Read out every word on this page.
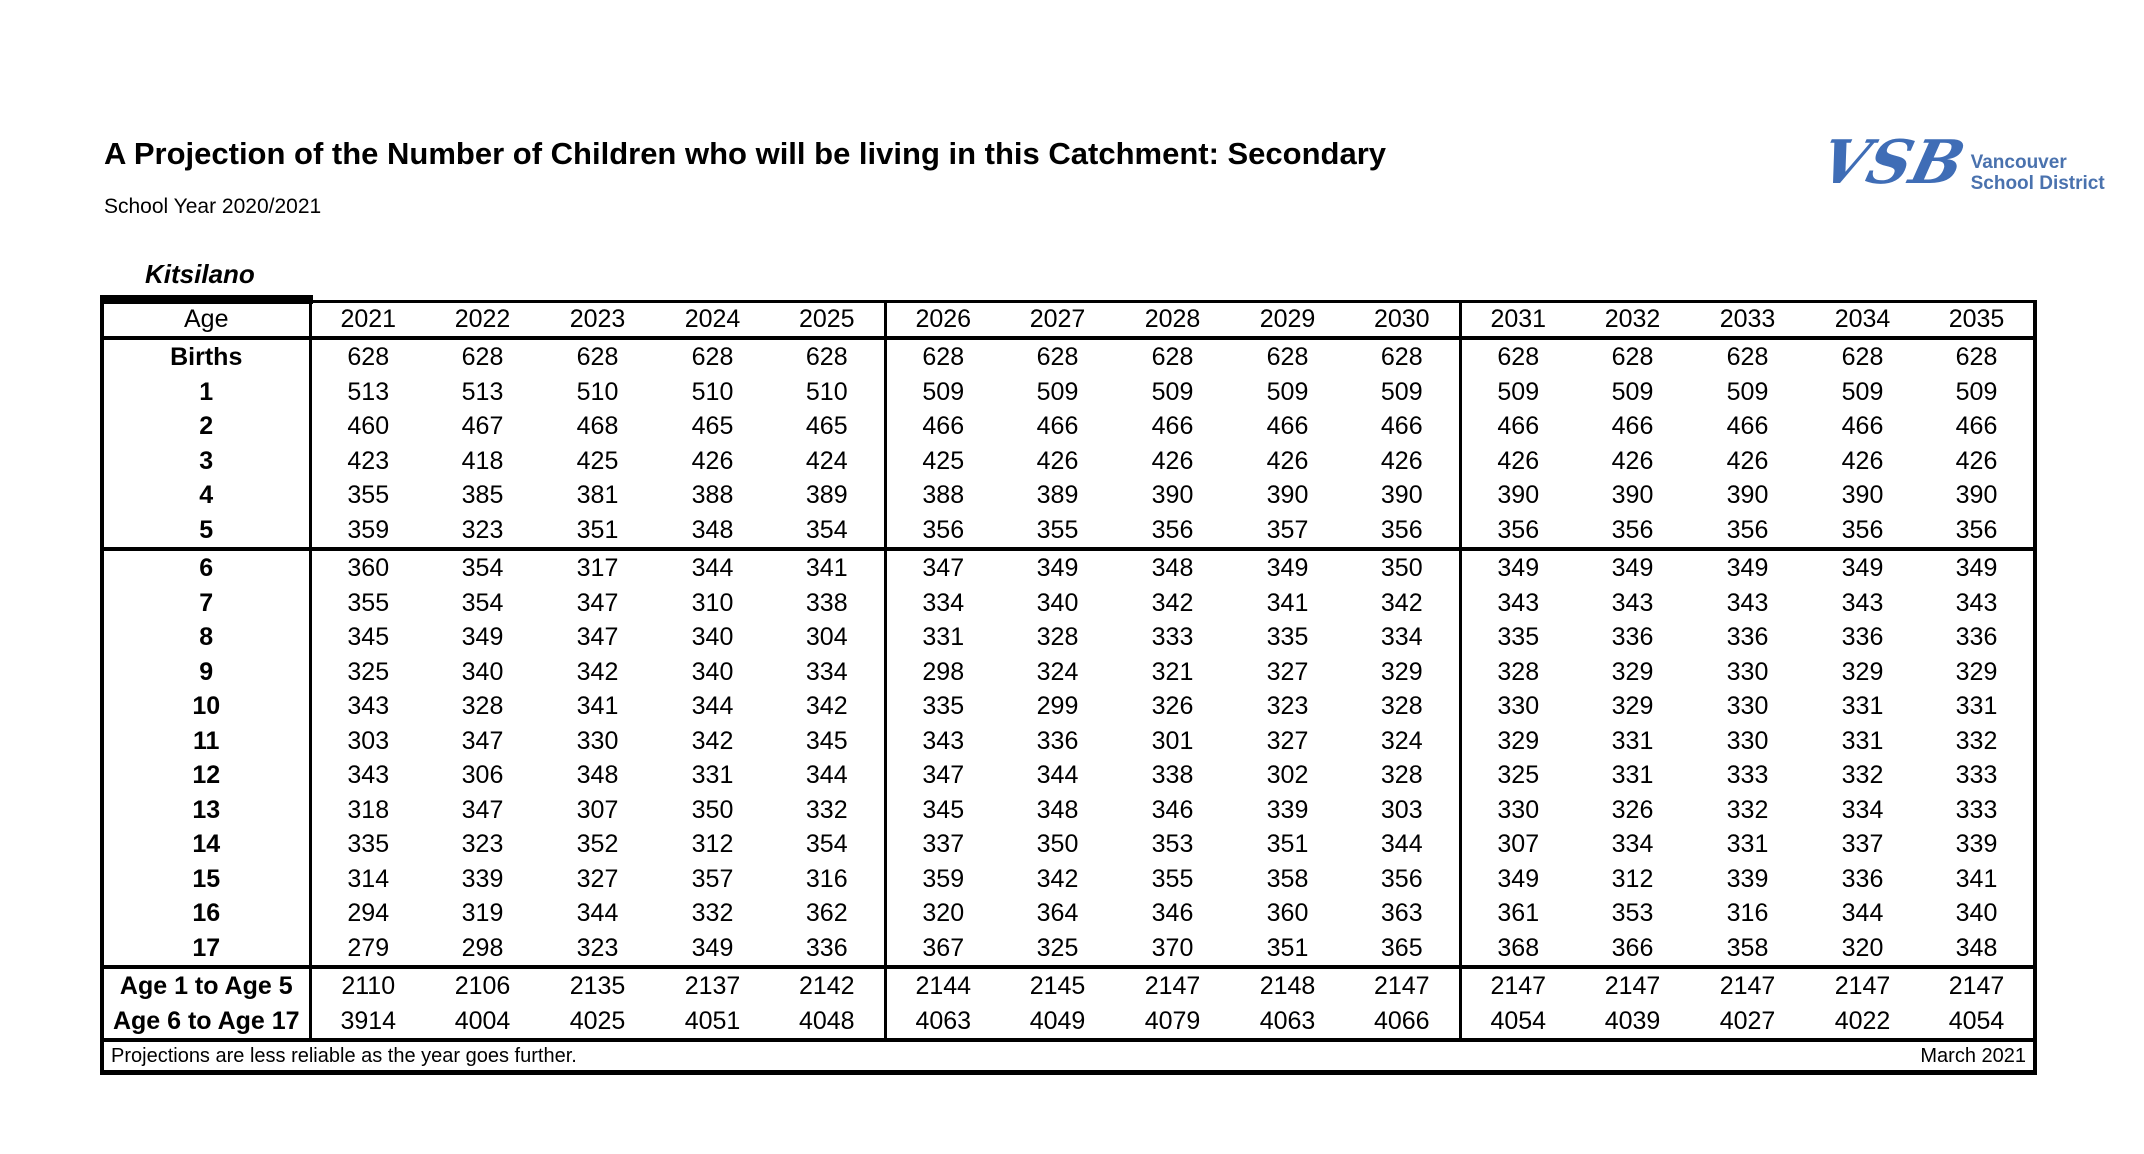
A Projection of the Number of Children who will be living in this Catchment: Secondary
School Year 2020/2021
VSB Vancouver
School District
Kitsilano
Age	2021	2022	2023	2024	2025	2026	2027	2028	2029	2030	2031	2032	2033	2034	2035
Births	628	628	628	628	628	628	628	628	628	628	628	628	628	628	628
1	513	513	510	510	510	509	509	509	509	509	509	509	509	509	509
2	460	467	468	465	465	466	466	466	466	466	466	466	466	466	466
3	423	418	425	426	424	425	426	426	426	426	426	426	426	426	426
4	355	385	381	388	389	388	389	390	390	390	390	390	390	390	390
5	359	323	351	348	354	356	355	356	357	356	356	356	356	356	356
6	360	354	317	344	341	347	349	348	349	350	349	349	349	349	349
7	355	354	347	310	338	334	340	342	341	342	343	343	343	343	343
8	345	349	347	340	304	331	328	333	335	334	335	336	336	336	336
9	325	340	342	340	334	298	324	321	327	329	328	329	330	329	329
10	343	328	341	344	342	335	299	326	323	328	330	329	330	331	331
11	303	347	330	342	345	343	336	301	327	324	329	331	330	331	332
12	343	306	348	331	344	347	344	338	302	328	325	331	333	332	333
13	318	347	307	350	332	345	348	346	339	303	330	326	332	334	333
14	335	323	352	312	354	337	350	353	351	344	307	334	331	337	339
15	314	339	327	357	316	359	342	355	358	356	349	312	339	336	341
16	294	319	344	332	362	320	364	346	360	363	361	353	316	344	340
17	279	298	323	349	336	367	325	370	351	365	368	366	358	320	348
Age 1 to Age 5	2110	2106	2135	2137	2142	2144	2145	2147	2148	2147	2147	2147	2147	2147	2147
Age 6 to Age 17	3914	4004	4025	4051	4048	4063	4049	4079	4063	4066	4054	4039	4027	4022	4054

Projections are less reliable as the year goes further. March 2021															
